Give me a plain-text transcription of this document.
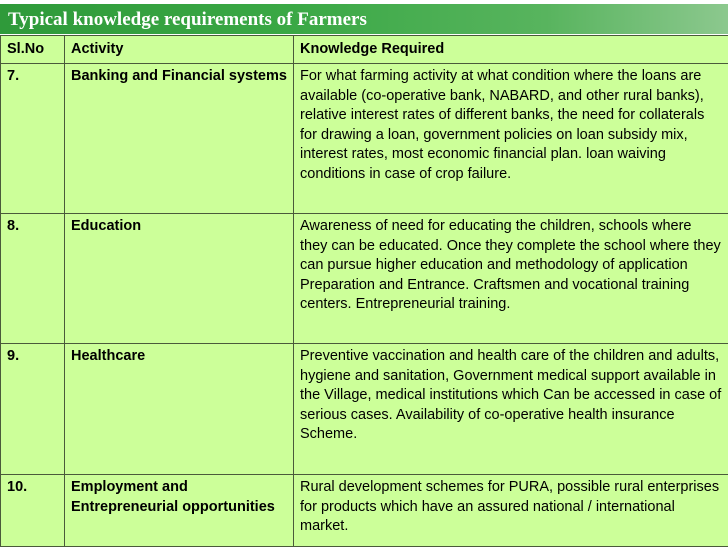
Typical knowledge requirements of Farmers
Sl.No	Activity	Knowledge Required
7.	Banking and Financial systems	For what farming activity at what condition where the loans are available (co-operative bank, NABARD, and other rural banks), relative interest rates of different banks, the need for collaterals for drawing a loan, government policies on loan subsidy mix, interest rates, most economic financial plan. loan waiving conditions in case of crop failure.
8.	Education	Awareness of need for educating the children, schools where they can be educated. Once they complete the school where they can pursue higher education and methodology of application Preparation and Entrance. Craftsmen and vocational training centers. Entrepreneurial training.
9.	Healthcare	Preventive vaccination and health care of the children and adults, hygiene and sanitation, Government medical support available in the Village, medical institutions which Can be accessed in case of serious cases. Availability of co-operative health insurance Scheme.
10.	Employment and Entrepreneurial opportunities	Rural development schemes for PURA, possible rural enterprises for products which have an assured national / international market.
